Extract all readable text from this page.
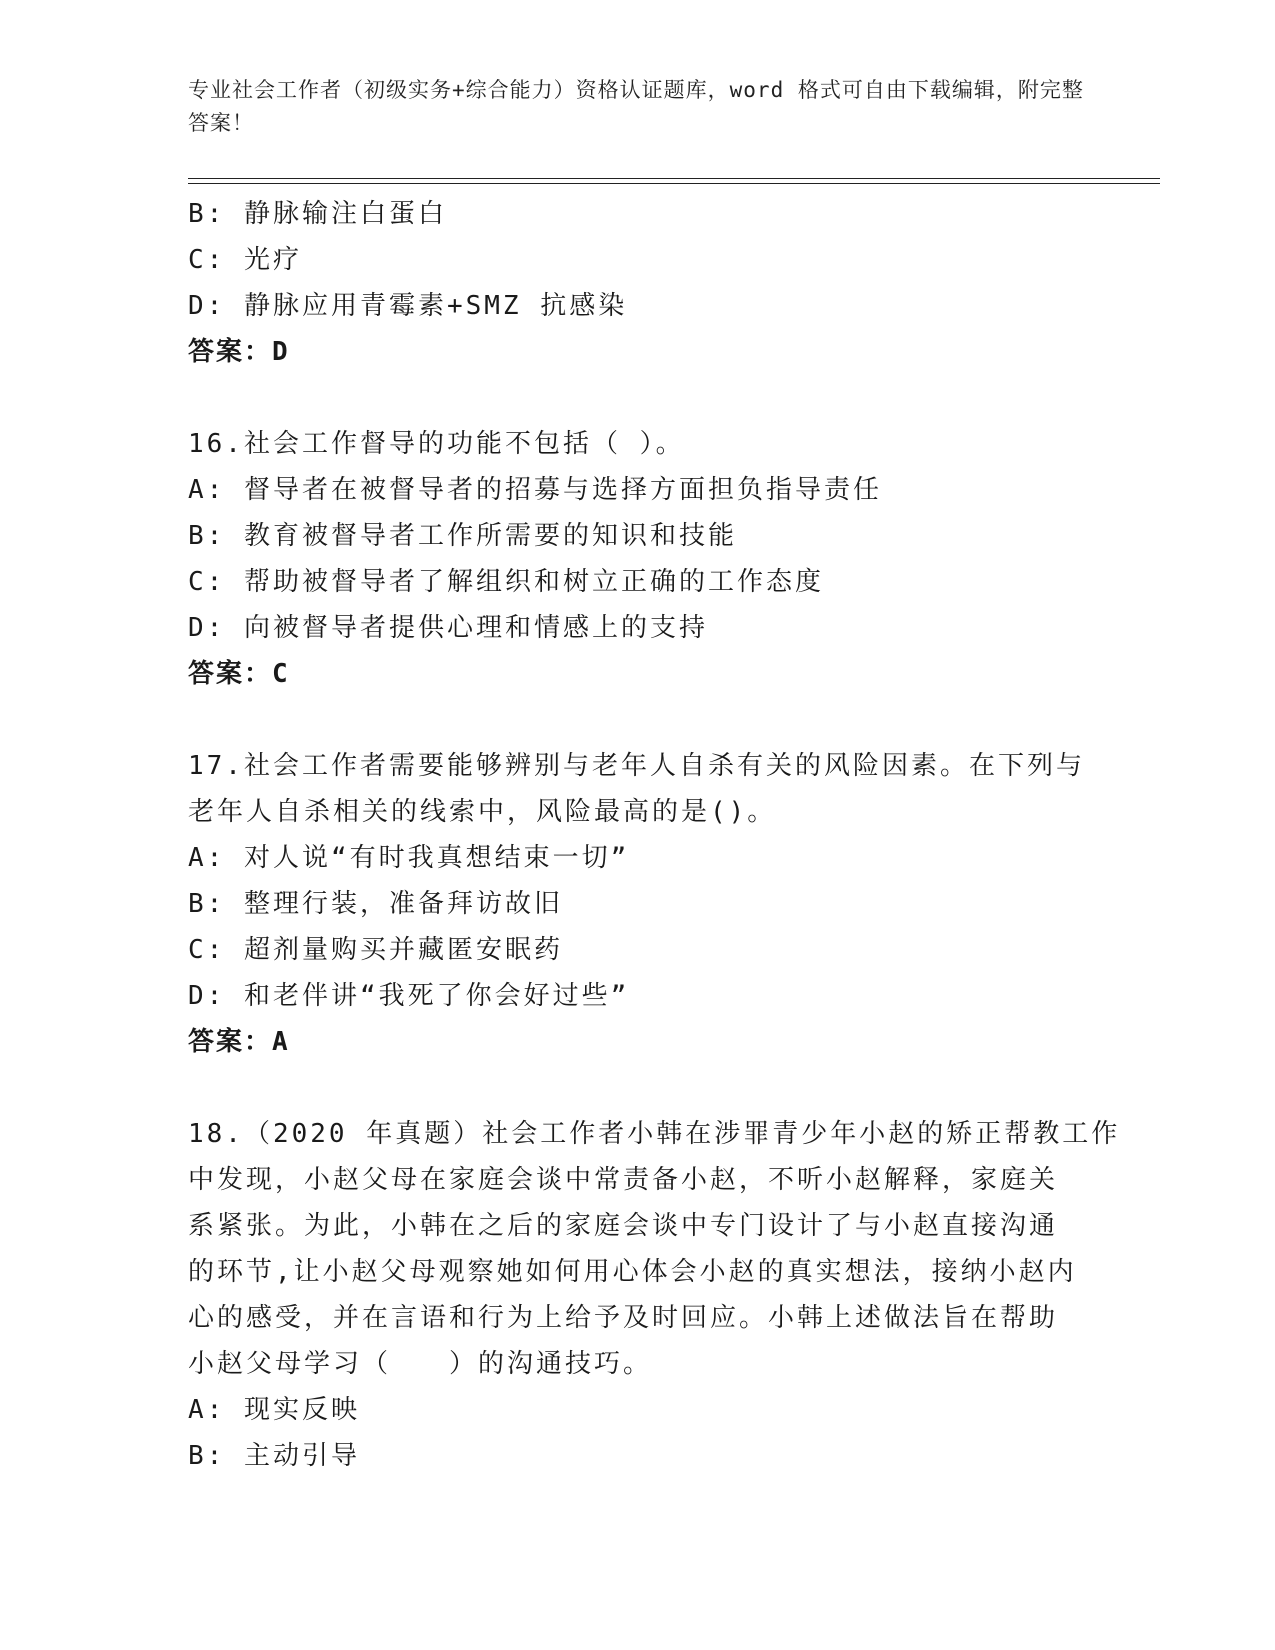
专业社会工作者（初级实务+综合能力）资格认证题库，word 格式可自由下载编辑，附完整答案！
B: 静脉输注白蛋白
C: 光疗
D: 静脉应用青霉素+SMZ 抗感染
答案：D
16.社会工作督导的功能不包括（ ）。
A: 督导者在被督导者的招募与选择方面担负指导责任
B: 教育被督导者工作所需要的知识和技能
C: 帮助被督导者了解组织和树立正确的工作态度
D: 向被督导者提供心理和情感上的支持
答案：C
17.社会工作者需要能够辨别与老年人自杀有关的风险因素。在下列与
老年人自杀相关的线索中，风险最高的是()。
A: 对人说“有时我真想结束一切”
B: 整理行装，准备拜访故旧
C: 超剂量购买并藏匿安眠药
D: 和老伴讲“我死了你会好过些”
答案：A
18.（2020 年真题）社会工作者小韩在涉罪青少年小赵的矫正帮教工作
中发现，小赵父母在家庭会谈中常责备小赵，不听小赵解释，家庭关
系紧张。为此，小韩在之后的家庭会谈中专门设计了与小赵直接沟通
的环节,让小赵父母观察她如何用心体会小赵的真实想法，接纳小赵内
心的感受，并在言语和行为上给予及时回应。小韩上述做法旨在帮助
小赵父母学习（　　）的沟通技巧。
A: 现实反映
B: 主动引导
